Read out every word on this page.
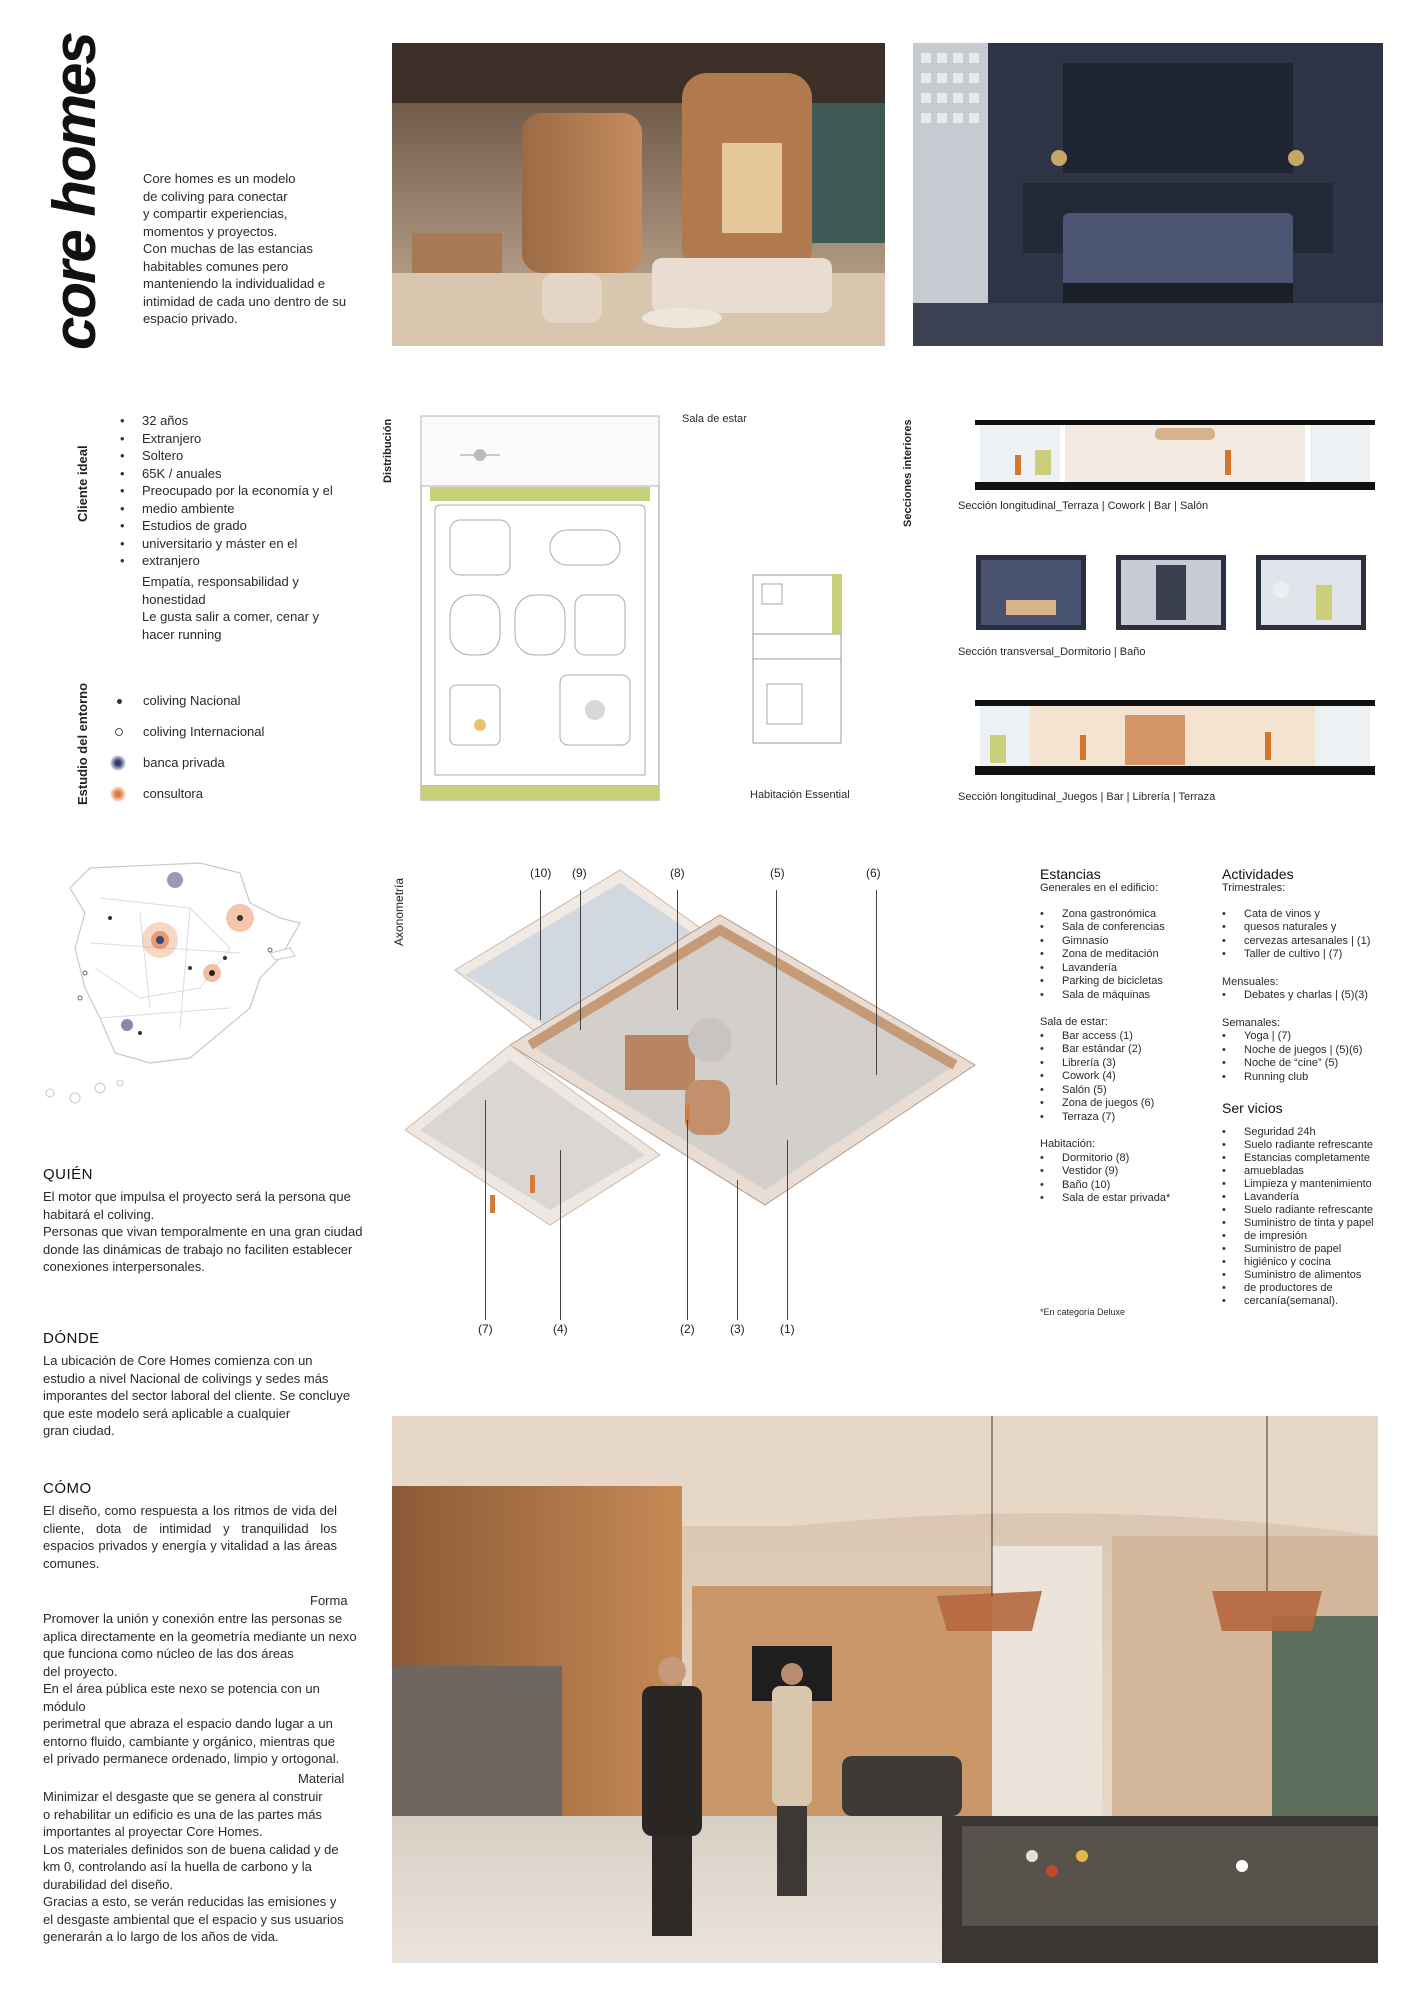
core homes	Core homes es un modelo
de coliving para conectar
y compartir experiencias,
momentos y proyectos.
Con muchas de las estancias
habitables comunes pero
manteniendo la individualidad e
intimidad de cada uno dentro de su
espacio privado.
Cliente ideal
• 32 años
• Extranjero
• Soltero
• 65K / anuales
• Preocupado por la economía y el
• medio ambiente
• Estudios de grado
• universitario y máster en el
• extranjero
Empatía, responsabilidad y
honestidad
Le gusta salir a comer, cenar y
hacer running
Estudio del entorno	coliving Nacional
coliving Internacional
banca privada
consultora
Distribución	Sala de estar
Habitación Essential
Secciones interiores	Sección longitudinal_Terraza | Cowork | Bar | Salón
Sección transversal_Dormitorio | Baño
Sección longitudinal_Juegos | Bar | Librería | Terraza
Axonometría
(10) (9)	(8)	(5)	(6)
(7)	(4)	(2)	(3)	(1)
Estancias
Generales en el edificio:
• Zona gastronómica
• Sala de conferencias
• Gimnasio
• Zona de meditación
• Lavandería
• Parking de bicicletas
• Sala de máquinas
Sala de estar:
• Bar access (1)
• Bar estándar (2)
• Librería (3)
• Cowork (4)
• Salón (5)
• Zona de juegos (6)
• Terraza (7)
Habitación:
• Dormitorio (8)
• Vestidor (9)
• Baño (10)
• Sala de estar privada*
*En categoría Deluxe
Actividades
Trimestrales:
• Cata de vinos y
• quesos naturales y
• cervezas artesanales | (1)
• Taller de cultivo | (7)
Mensuales:
• Debates y charlas | (5)(3)
Semanales:
• Yoga | (7)
• Noche de juegos | (5)(6)
• Noche de “cine” (5)
• Running club
Ser vicios
• Seguridad 24h
• Suelo radiante refrescante
• Estancias completamente
• amuebladas
• Limpieza y mantenimiento
• Lavandería
• Suelo radiante refrescante
• Suministro de tinta y papel
• de impresión
• Suministro de papel
• higiénico y cocina
• Suministro de alimentos
• de productores de
• cercanía(semanal).
QUIÉN
El motor que impulsa el proyecto será la persona que
habitará el coliving.
Personas que vivan temporalmente en una gran ciudad
donde las dinámicas de trabajo no faciliten establecer
conexiones interpersonales.
DÓNDE
La ubicación de Core Homes comienza con un
estudio a nivel Nacional de colivings y sedes más
imporantes del sector laboral del cliente. Se concluye
que este modelo será aplicable a cualquier
gran ciudad.
CÓMO
El diseño, como respuesta a los ritmos de vida del cliente, dota de intimidad y tranquilidad los espacios privados y energía y vitalidad a las áreas comunes.
Forma
Promover la unión y conexión entre las personas se
aplica directamente en la geometría mediante un nexo
que funciona como núcleo de las dos áreas
del proyecto.
En el área pública este nexo se potencia con un módulo
perimetral que abraza el espacio dando lugar a un
entorno fluido, cambiante y orgánico, mientras que
el privado permanece ordenado, limpio y ortogonal.
Material
Minimizar el desgaste que se genera al construir
o rehabilitar un edificio es una de las partes más
importantes al proyectar Core Homes.
Los materiales definidos son de buena calidad y de
km 0, controlando así la huella de carbono y la
durabilidad del diseño.
Gracias a esto, se verán reducidas las emisiones y
el desgaste ambiental que el espacio y sus usuarios
generarán a lo largo de los años de vida.
